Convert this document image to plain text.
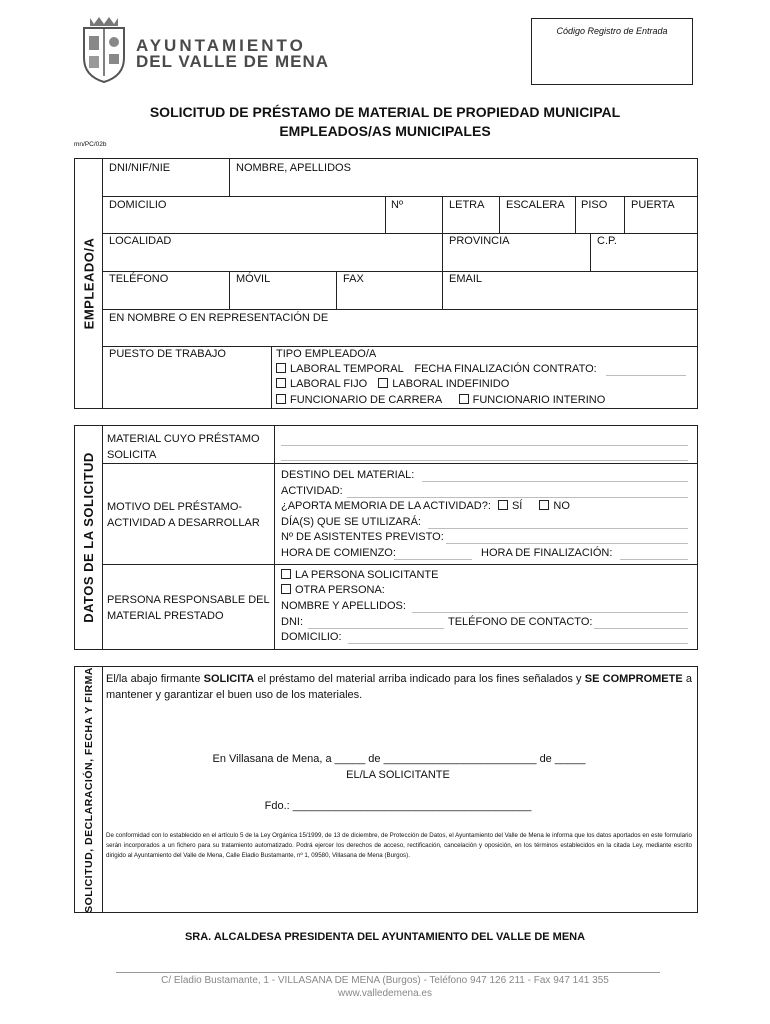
AYUNTAMIENTO
DEL VALLE DE MENA
Código Registro de Entrada
SOLICITUD DE PRÉSTAMO DE MATERIAL DE PROPIEDAD MUNICIPAL
EMPLEADOS/AS MUNICIPALES
mn/PC/02b
EMPLEADO/A
DNI/NIF/NIE	NOMBRE, APELLIDOS
DOMICILIO	Nº	LETRA ESCALERA PISO PUERTA
LOCALIDAD	PROVINCIA	C.P.
TELÉFONO	MÓVIL	FAX	EMAIL
EN NOMBRE O EN REPRESENTACIÓN DE
PUESTO DE TRABAJO	TIPO EMPLEADO/A
LABORAL TEMPORAL FECHA FINALIZACIÓN CONTRATO:
LABORAL FIJO LABORAL INDEFINIDO
FUNCIONARIO DE CARRERA	FUNCIONARIO INTERINO
DATOS DE LA SOLICITUD
MATERIAL CUYO PRÉSTAMO
SOLICITA
MOTIVO DEL PRÉSTAMO-
ACTIVIDAD A DESARROLLAR
DESTINO DEL MATERIAL:
ACTIVIDAD:
¿APORTA MEMORIA DE LA ACTIVIDAD?: SÍ	NO
DÍA(S) QUE SE UTILIZARÁ:
Nº DE ASISTENTES PREVISTO:
HORA DE COMIENZO:	HORA DE FINALIZACIÓN:
PERSONA RESPONSABLE DEL
MATERIAL PRESTADO
LA PERSONA SOLICITANTE
OTRA PERSONA:
NOMBRE Y APELLIDOS:
DNI:	TELÉFONO DE CONTACTO:
DOMICILIO:
SOLICITUD, DECLARACIÓN, FECHA Y FIRMA El/la abajo firmante SOLICITA el préstamo del material arriba indicado para los fines señalados y SE COMPROMETE a mantener y garantizar el buen uso de los materiales.
En Villasana de Mena, a _____ de _________________________ de _____
EL/LA SOLICITANTE
Fdo.: _______________________________________
De conformidad con lo establecido en el artículo 5 de la Ley Orgánica 15/1999, de 13 de diciembre, de Protección de Datos, el Ayuntamiento del Valle de Mena le informa que los datos aportados en este formulario serán incorporados a un fichero para su tratamiento automatizado. Podrá ejercer los derechos de acceso, rectificación, cancelación y oposición, en los términos establecidos en la citada Ley, mediante escrito dirigido al Ayuntamiento del Valle de Mena, Calle Eladio Bustamante, nº 1, 09580, Villasana de Mena (Burgos).
SRA. ALCALDESA PRESIDENTA DEL AYUNTAMIENTO DEL VALLE DE MENA
C/ Eladio Bustamante, 1 - VILLASANA DE MENA (Burgos) - Teléfono 947 126 211 - Fax 947 141 355
www.valledemena.es
